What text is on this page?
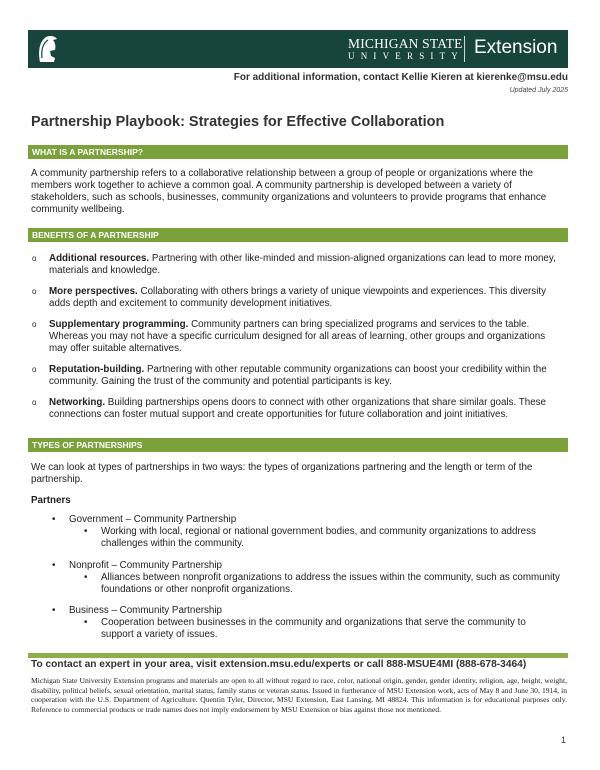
MICHIGAN STATE
UNIVERSITY Extension
For additional information, contact Kellie Kieren at kierenke@msu.edu
Updated July 2025
Partnership Playbook: Strategies for Effective Collaboration
WHAT IS A PARTNERSHIP?
A community partnership refers to a collaborative relationship between a group of people or organizations where the members work together to achieve a common goal. A community partnership is developed between a variety of stakeholders, such as schools, businesses, community organizations and volunteers to provide programs that enhance community wellbeing.
BENEFITS OF A PARTNERSHIP
o Additional resources. Partnering with other like-minded and mission-aligned organizations can lead to more money, materials and knowledge.
o More perspectives. Collaborating with others brings a variety of unique viewpoints and experiences. This diversity adds depth and excitement to community development initiatives.
o Supplementary programming. Community partners can bring specialized programs and services to the table. Whereas you may not have a specific curriculum designed for all areas of learning, other groups and organizations may offer suitable alternatives.
o Reputation-building. Partnering with other reputable community organizations can boost your credibility within the community. Gaining the trust of the community and potential participants is key.
o Networking. Building partnerships opens doors to connect with other organizations that share similar goals. These connections can foster mutual support and create opportunities for future collaboration and joint initiatives.
TYPES OF PARTNERSHIPS
We can look at types of partnerships in two ways: the types of organizations partnering and the length or term of the partnership.
Partners
• Government – Community Partnership
• Working with local, regional or national government bodies, and community organizations to address challenges within the community.
• Nonprofit – Community Partnership
• Alliances between nonprofit organizations to address the issues within the community, such as community foundations or other nonprofit organizations.
• Business – Community Partnership
• Cooperation between businesses in the community and organizations that serve the community to support a variety of issues.
To contact an expert in your area, visit extension.msu.edu/experts or call 888-MSUE4MI (888-678-3464)
Michigan State University Extension programs and materials are open to all without regard to race, color, national origin, gender, gender identity, religion, age, height, weight, disability, political beliefs, sexual orientation, marital status, family status or veteran status. Issued in furtherance of MSU Extension work, acts of May 8 and June 30, 1914, in cooperation with the U.S. Department of Agriculture. Quentin Tyler, Director, MSU Extension, East Lansing, MI 48824. This information is for educational purposes only. Reference to commercial products or trade names does not imply endorsement by MSU Extension or bias against those not mentioned.
1
